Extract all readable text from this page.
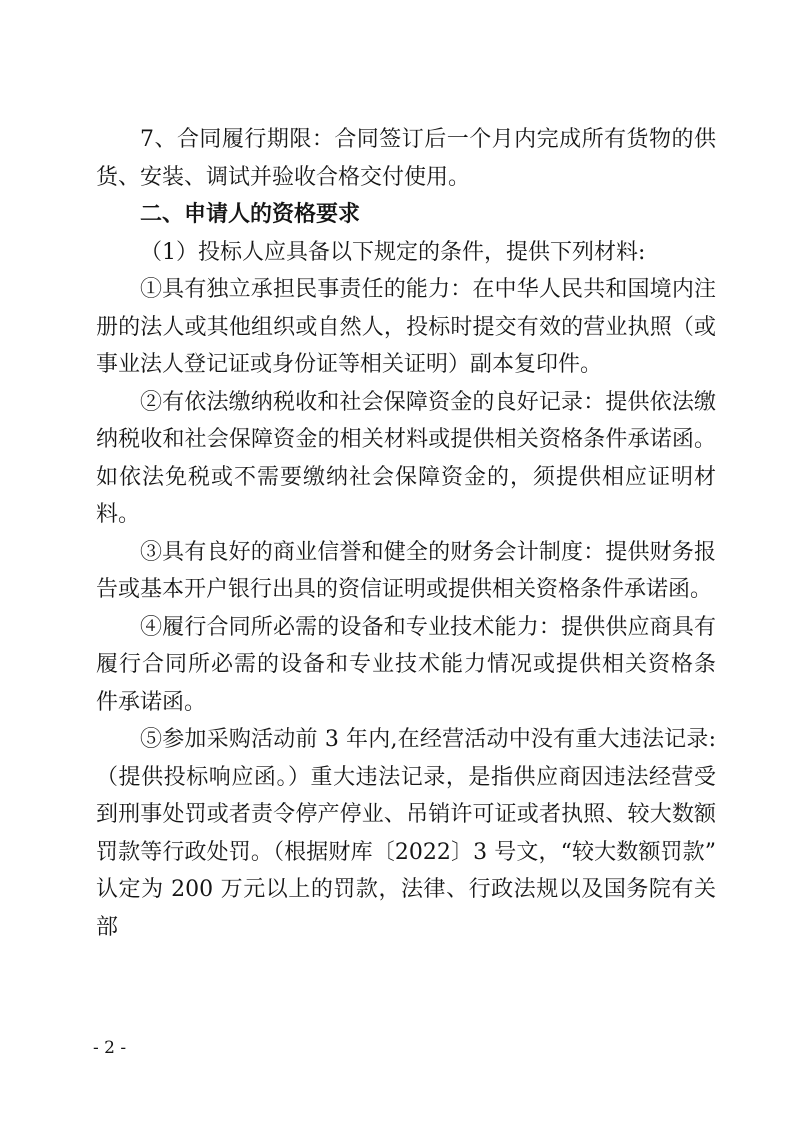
7、合同履行期限：合同签订后一个月内完成所有货物的供
货、安装、调试并验收合格交付使用。
二、申请人的资格要求
（1）投标人应具备以下规定的条件，提供下列材料:
①具有独立承担民事责任的能力：在中华人民共和国境内注
册的法人或其他组织或自然人，投标时提交有效的营业执照（或
事业法人登记证或身份证等相关证明）副本复印件。
②有依法缴纳税收和社会保障资金的良好记录：提供依法缴
纳税收和社会保障资金的相关材料或提供相关资格条件承诺函。
如依法免税或不需要缴纳社会保障资金的，须提供相应证明材
料。
③具有良好的商业信誉和健全的财务会计制度：提供财务报
告或基本开户银行出具的资信证明或提供相关资格条件承诺函。
④履行合同所必需的设备和专业技术能力：提供供应商具有
履行合同所必需的设备和专业技术能力情况或提供相关资格条
件承诺函。
⑤参加采购活动前 3 年内,在经营活动中没有重大违法记录:
（提供投标响应函。）重大违法记录，是指供应商因违法经营受
到刑事处罚或者责令停产停业、吊销许可证或者执照、较大数额
罚款等行政处罚。（根据财库〔2022〕3 号文，“较大数额罚款”
认定为 200 万元以上的罚款，法律、行政法规以及国务院有关部
- 2 -
